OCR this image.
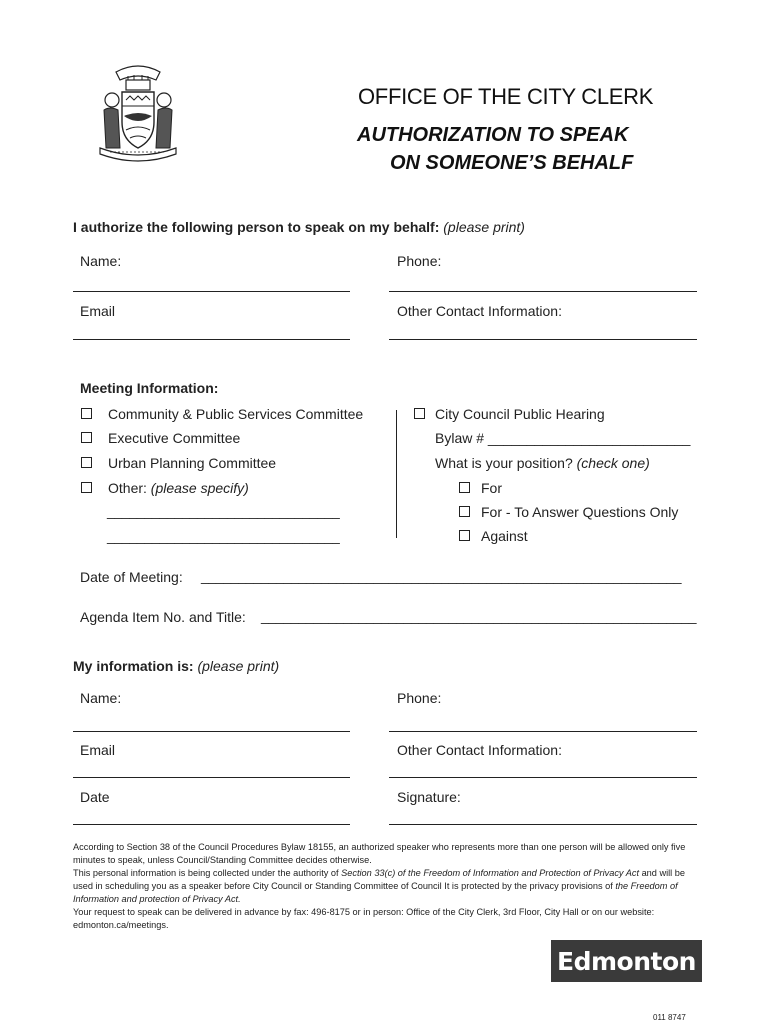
OFFICE OF THE CITY CLERK
AUTHORIZATION TO SPEAK
ON SOMEONE’S BEHALF
I authorize the following person to speak on my behalf: (please print)
Name:	Phone:
Email	Other Contact Information:
Meeting Information:
Community & Public Services Committee
Executive Committee
Urban Planning Committee
Other: (please specify)
_______________________________
_______________________________
City Council Public Hearing
Bylaw # __________________________
What is your position? (check one)
For
For - To Answer Questions Only
Against
Date of Meeting: ________________________________________________________________
Agenda Item No. and Title: __________________________________________________________
My information is: (please print)
Name:	Phone:
Email	Other Contact Information:
Date	Signature:
According to Section 38 of the Council Procedures Bylaw 18155, an authorized speaker who represents more than one person will be allowed only five minutes to speak, unless Council/Standing Committee decides otherwise.
This personal information is being collected under the authority of Section 33(c) of the Freedom of Information and Protection of Privacy Act and will be used in scheduling you as a speaker before City Council or Standing Committee of Council It is protected by the privacy provisions of the Freedom of Information and protection of Privacy Act.
Your request to speak can be delivered in advance by fax: 496-8175 or in person: Office of the City Clerk, 3rd Floor, City Hall or on our website: edmonton.ca/meetings.
Edmonton
011 8747
